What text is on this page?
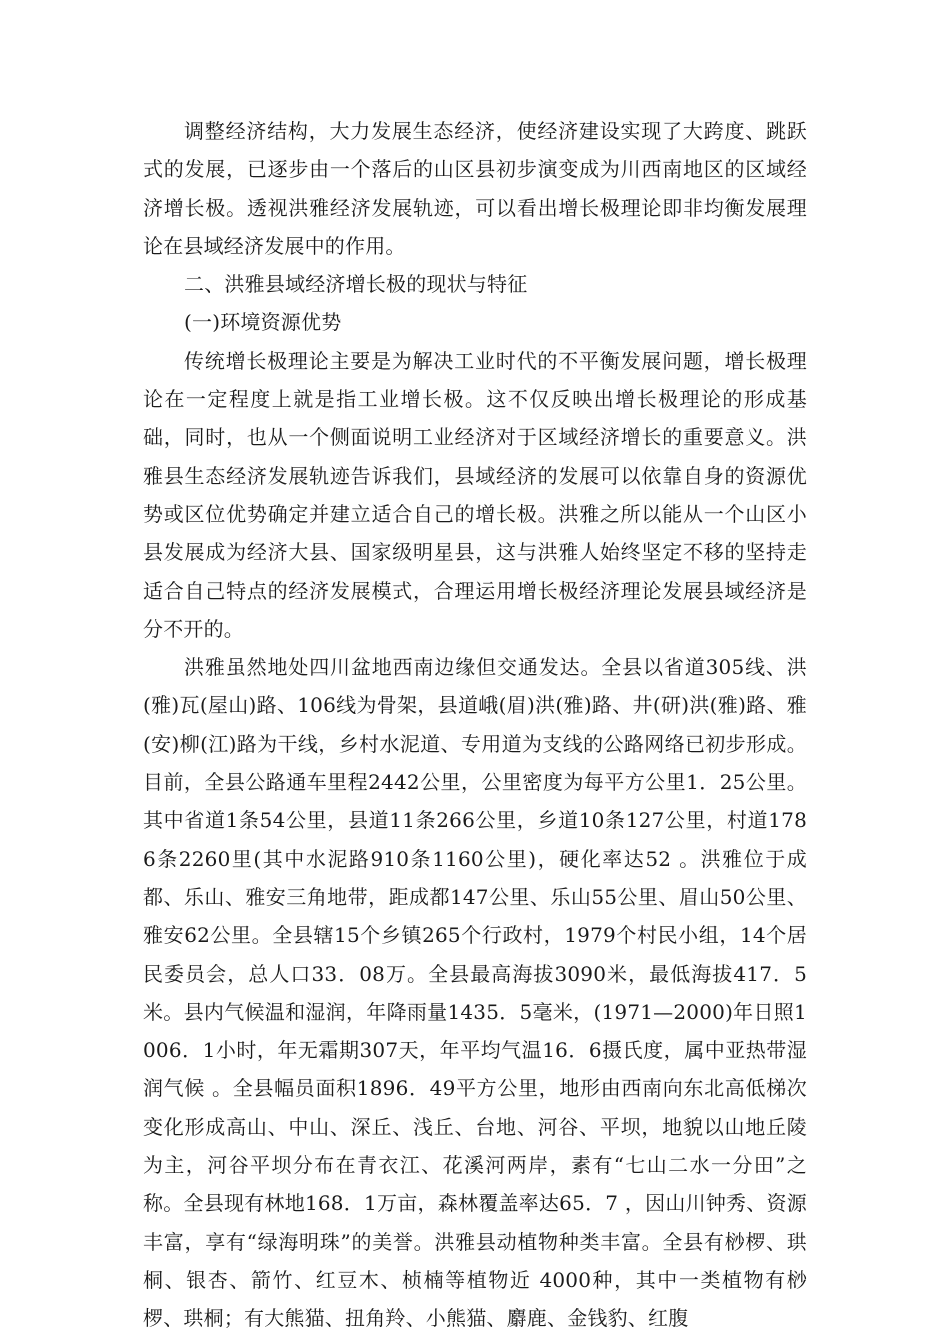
调整经济结构，大力发展生态经济，使经济建设实现了大跨度、跳跃式的发展，已逐步由一个落后的山区县初步演变成为川西南地区的区域经济增长极。透视洪雅经济发展轨迹，可以看出增长极理论即非均衡发展理论在县域经济发展中的作用。

二、洪雅县域经济增长极的现状与特征

(一)环境资源优势

传统增长极理论主要是为解决工业时代的不平衡发展问题，增长极理论在一定程度上就是指工业增长极。这不仅反映出增长极理论的形成基础，同时，也从一个侧面说明工业经济对于区域经济增长的重要意义。洪雅县生态经济发展轨迹告诉我们，县域经济的发展可以依靠自身的资源优势或区位优势确定并建立适合自己的增长极。洪雅之所以能从一个山区小县发展成为经济大县、国家级明星县，这与洪雅人始终坚定不移的坚持走适合自己特点的经济发展模式，合理运用增长极经济理论发展县域经济是分不开的。

洪雅虽然地处四川盆地西南边缘但交通发达。全县以省道305线、洪(雅)瓦(屋山)路、106线为骨架，县道峨(眉)洪(雅)路、井(研)洪(雅)路、雅(安)柳(江)路为干线，乡村水泥道、专用道为支线的公路网络已初步形成。目前，全县公路通车里程2442公里，公里密度为每平方公里1．25公里。其中省道1条54公里，县道11条266公里，乡道10条127公里，村道1786条2260里(其中水泥路910条1160公里)，硬化率达52 。洪雅位于成都、乐山、雅安三角地带，距成都147公里、乐山55公里、眉山50公里、雅安62公里。全县辖15个乡镇265个行政村，1979个村民小组，14个居民委员会，总人口33．08万。全县最高海拔3090米，最低海拔417．5米。县内气候温和湿润，年降雨量1435．5毫米，(1971—2000)年日照1006．1小时，年无霜期307天，年平均气温16．6摄氏度，属中亚热带湿润气候 。全县幅员面积1896．49平方公里，地形由西南向东北高低梯次变化形成高山、中山、深丘、浅丘、台地、河谷、平坝，地貌以山地丘陵为主，河谷平坝分布在青衣江、花溪河两岸，素有“七山二水一分田”之称。全县现有林地168．1万亩，森林覆盖率达65．7 ，因山川钟秀、资源丰富，享有“绿海明珠”的美誉。洪雅县动植物种类丰富。全县有桫椤、珙桐、银杏、箭竹、红豆木、桢楠等植物近 4000种，其中一类植物有桫椤、珙桐；有大熊猫、扭角羚、小熊猫、麝鹿、金钱豹、红腹
